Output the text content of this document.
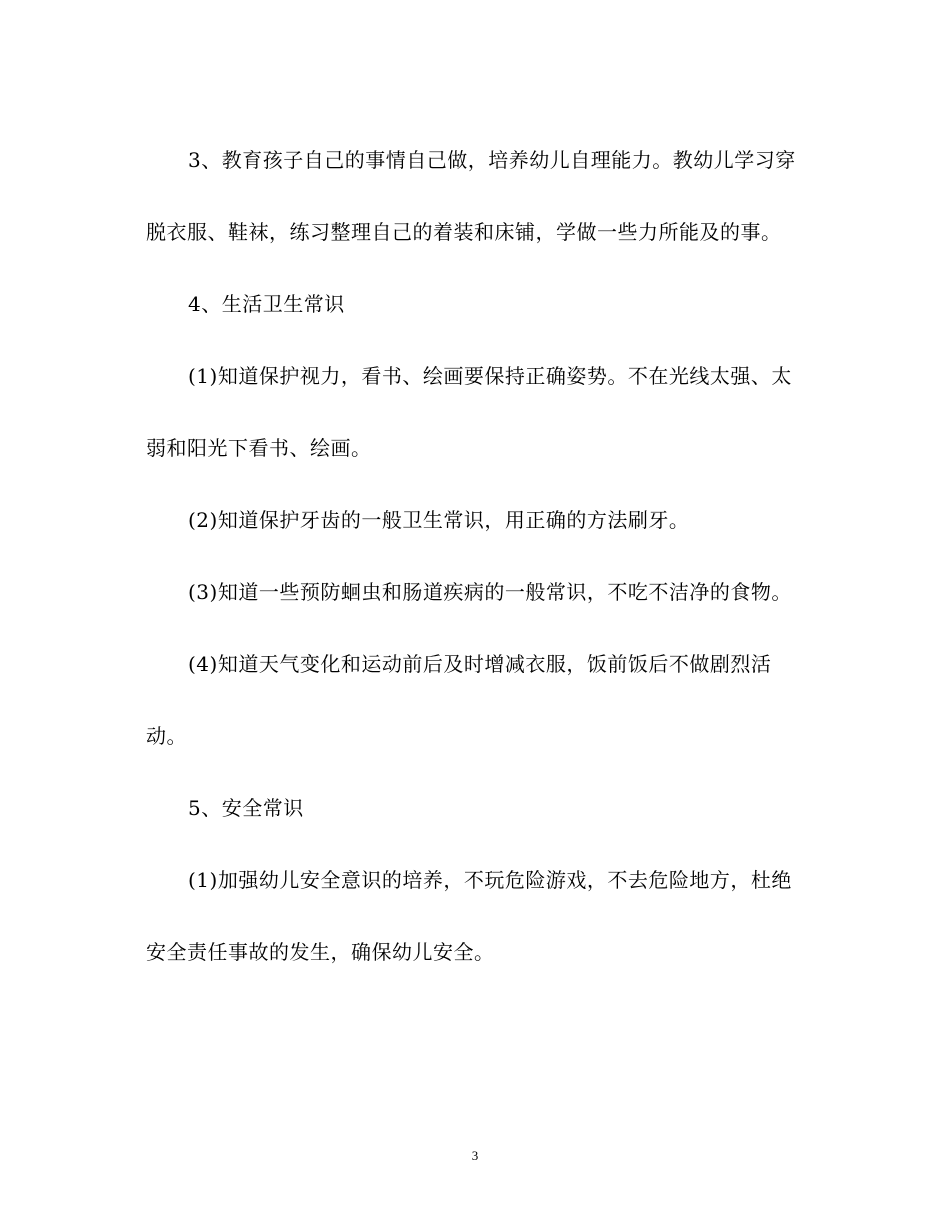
3、教育孩子自己的事情自己做，培养幼儿自理能力。教幼儿学习穿脱衣服、鞋袜，练习整理自己的着装和床铺，学做一些力所能及的事。

4、生活卫生常识

(1)知道保护视力，看书、绘画要保持正确姿势。不在光线太强、太弱和阳光下看书、绘画。

(2)知道保护牙齿的一般卫生常识，用正确的方法刷牙。

(3)知道一些预防蛔虫和肠道疾病的一般常识，不吃不洁净的食物。

(4)知道天气变化和运动前后及时增减衣服，饭前饭后不做剧烈活动。

5、安全常识

(1)加强幼儿安全意识的培养，不玩危险游戏，不去危险地方，杜绝安全责任事故的发生，确保幼儿安全。

3
